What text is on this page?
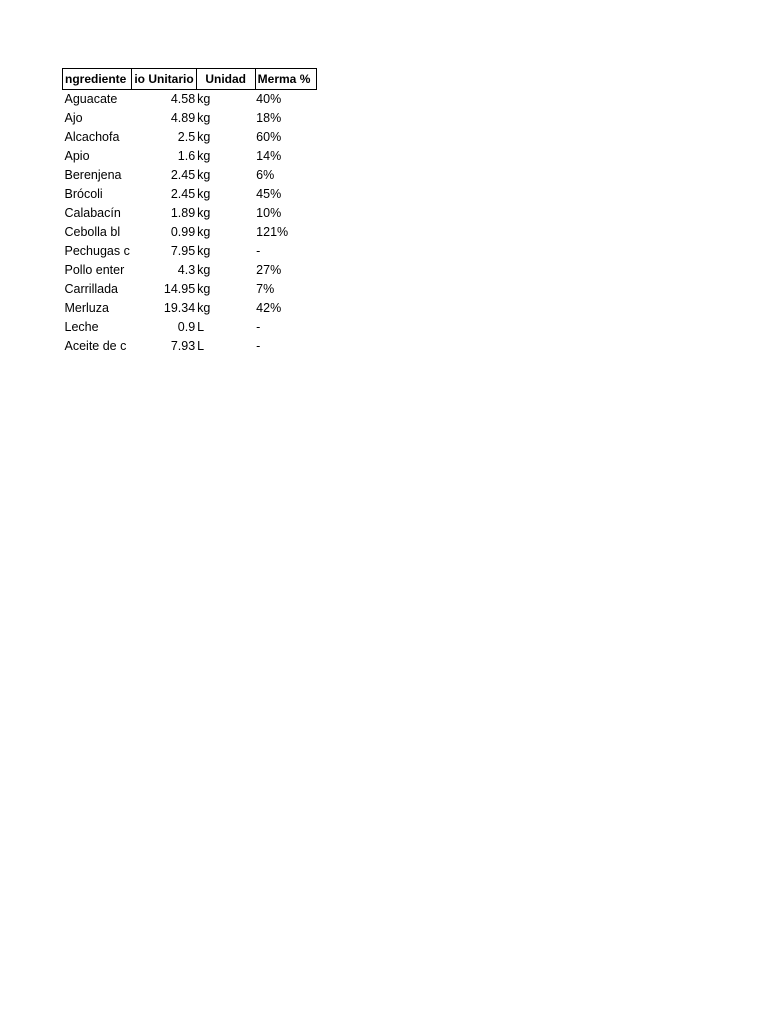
ngrediente	io Unitario	Unidad	Merma %
Aguacate	4.58	kg	40%
Ajo	4.89	kg	18%
Alcachofa	2.5	kg	60%
Apio	1.6	kg	14%
Berenjena	2.45	kg	6%
Brócoli	2.45	kg	45%
Calabacín	1.89	kg	10%
Cebolla bl	0.99	kg	121%
Pechugas c	7.95	kg	-
Pollo enter	4.3	kg	27%
Carrillada	14.95	kg	7%
Merluza	19.34	kg	42%
Leche	0.9	L	-
Aceite de c	7.93	L	-
